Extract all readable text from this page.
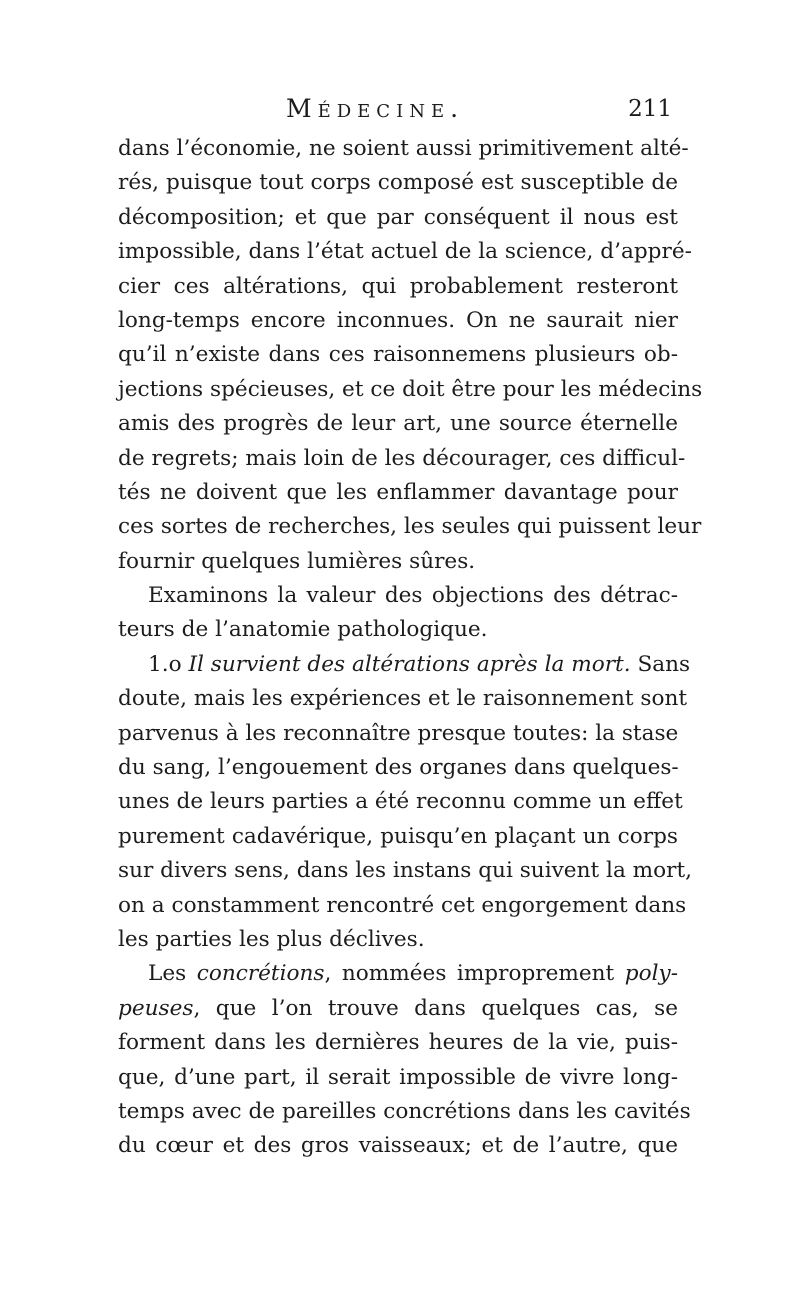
Médecine.	211
dans l’économie, ne soient aussi primitivement alté-
rés, puisque tout corps composé est susceptible de
décomposition; et que par conséquent il nous est
impossible, dans l’état actuel de la science, d’appré-
cier ces altérations, qui probablement resteront
long-temps encore inconnues. On ne saurait nier
qu’il n’existe dans ces raisonnemens plusieurs ob-
jections spécieuses, et ce doit être pour les médecins
amis des progrès de leur art, une source éternelle
de regrets; mais loin de les décourager, ces difficul-
tés ne doivent que les enflammer davantage pour
ces sortes de recherches, les seules qui puissent leur
fournir quelques lumières sûres.
Examinons la valeur des objections des détrac-
teurs de l’anatomie pathologique.
1.o Il survient des altérations après la mort. Sans
doute, mais les expériences et le raisonnement sont
parvenus à les reconnaître presque toutes: la stase
du sang, l’engouement des organes dans quelques-
unes de leurs parties a été reconnu comme un effet
purement cadavérique, puisqu’en plaçant un corps
sur divers sens, dans les instans qui suivent la mort,
on a constamment rencontré cet engorgement dans
les parties les plus déclives.
Les concrétions, nommées improprement poly-
peuses, que l’on trouve dans quelques cas, se
forment dans les dernières heures de la vie, puis-
que, d’une part, il serait impossible de vivre long-
temps avec de pareilles concrétions dans les cavités
du cœur et des gros vaisseaux; et de l’autre, que
